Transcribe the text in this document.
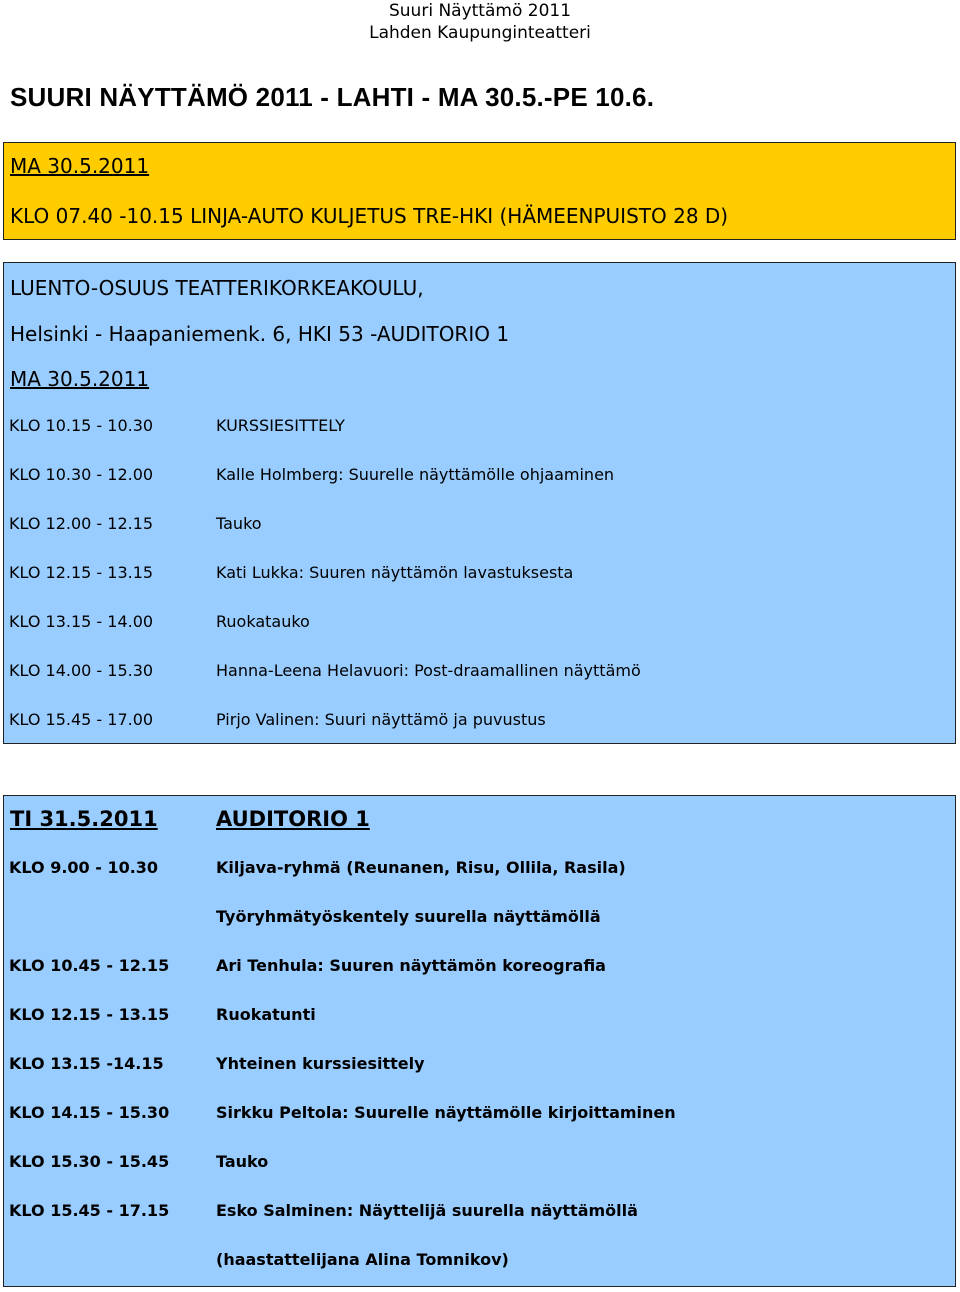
Suuri Näyttämö 2011
Lahden Kaupunginteatteri
SUURI NÄYTTÄMÖ 2011 - LAHTI - MA 30.5.-PE 10.6.
MA 30.5.2011
KLO 07.40 -10.15 LINJA-AUTO KULJETUS TRE-HKI (HÄMEENPUISTO 28 D)
LUENTO-OSUUS TEATTERIKORKEAKOULU,
Helsinki - Haapaniemenk. 6, HKI 53 -AUDITORIO 1
MA 30.5.2011
KLO 10.15 - 10.30	KURSSIESITTELY
KLO 10.30 - 12.00	Kalle Holmberg: Suurelle näyttämölle ohjaaminen
KLO 12.00 - 12.15	Tauko
KLO 12.15 - 13.15	Kati Lukka: Suuren näyttämön lavastuksesta
KLO 13.15 - 14.00	Ruokatauko
KLO 14.00 - 15.30	Hanna-Leena Helavuori: Post-draamallinen näyttämö
KLO 15.45 - 17.00	Pirjo Valinen: Suuri näyttämö ja puvustus
TI 31.5.2011	AUDITORIO 1
KLO 9.00 - 10.30	Kiljava-ryhmä (Reunanen, Risu, Ollila, Rasila)
Työryhmätyöskentely suurella näyttämöllä
KLO 10.45 - 12.15	Ari Tenhula: Suuren näyttämön koreografia
KLO 12.15 - 13.15	Ruokatunti
KLO 13.15 -14.15	Yhteinen kurssiesittely
KLO 14.15 - 15.30	Sirkku Peltola: Suurelle näyttämölle kirjoittaminen
KLO 15.30 - 15.45	Tauko
KLO 15.45 - 17.15	Esko Salminen: Näyttelijä suurella näyttämöllä
(haastattelijana Alina Tomnikov)
